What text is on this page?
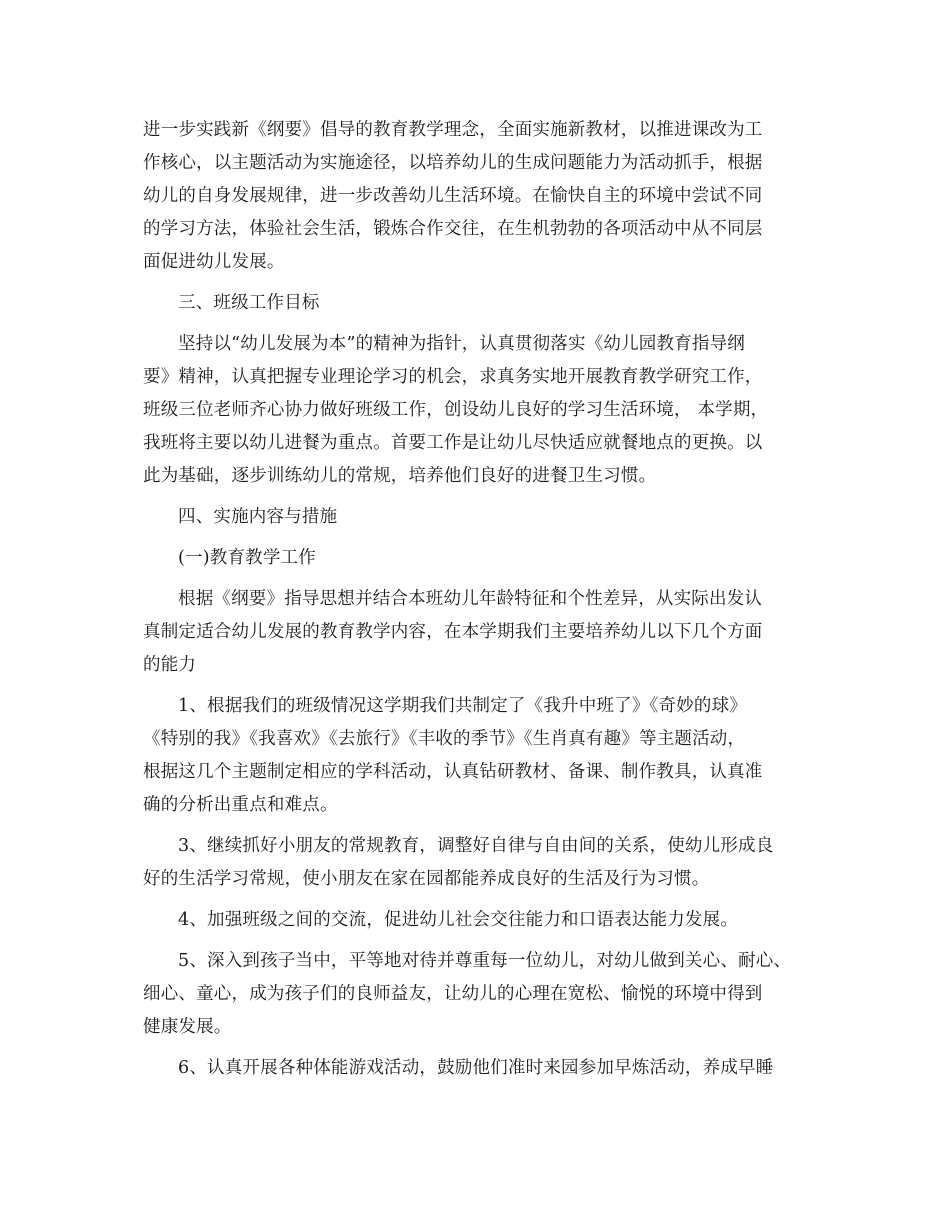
进一步实践新《纲要》倡导的教育教学理念，全面实施新教材，以推进课改为工
作核心，以主题活动为实施途径，以培养幼儿的生成问题能力为活动抓手，根据
幼儿的自身发展规律，进一步改善幼儿生活环境。在愉快自主的环境中尝试不同
的学习方法，体验社会生活，锻炼合作交往，在生机勃勃的各项活动中从不同层
面促进幼儿发展。
三、班级工作目标
坚持以“幼儿发展为本”的精神为指针，认真贯彻落实《幼儿园教育指导纲
要》精神，认真把握专业理论学习的机会，求真务实地开展教育教学研究工作，
班级三位老师齐心协力做好班级工作，创设幼儿良好的学习生活环境， 本学期，
我班将主要以幼儿进餐为重点。首要工作是让幼儿尽快适应就餐地点的更换。以
此为基础，逐步训练幼儿的常规，培养他们良好的进餐卫生习惯。
四、实施内容与措施
(一)教育教学工作
根据《纲要》指导思想并结合本班幼儿年龄特征和个性差异，从实际出发认
真制定适合幼儿发展的教育教学内容，在本学期我们主要培养幼儿以下几个方面
的能力
1、根据我们的班级情况这学期我们共制定了《我升中班了》《奇妙的球》
《特别的我》《我喜欢》《去旅行》《丰收的季节》《生肖真有趣》等主题活动，
根据这几个主题制定相应的学科活动，认真钻研教材、备课、制作教具，认真准
确的分析出重点和难点。
3、继续抓好小朋友的常规教育，调整好自律与自由间的关系，使幼儿形成良
好的生活学习常规，使小朋友在家在园都能养成良好的生活及行为习惯。
4、加强班级之间的交流，促进幼儿社会交往能力和口语表达能力发展。
5、深入到孩子当中，平等地对待并尊重每一位幼儿，对幼儿做到关心、耐心、
细心、童心，成为孩子们的良师益友，让幼儿的心理在宽松、愉悦的环境中得到
健康发展。
6、认真开展各种体能游戏活动，鼓励他们准时来园参加早炼活动，养成早睡
